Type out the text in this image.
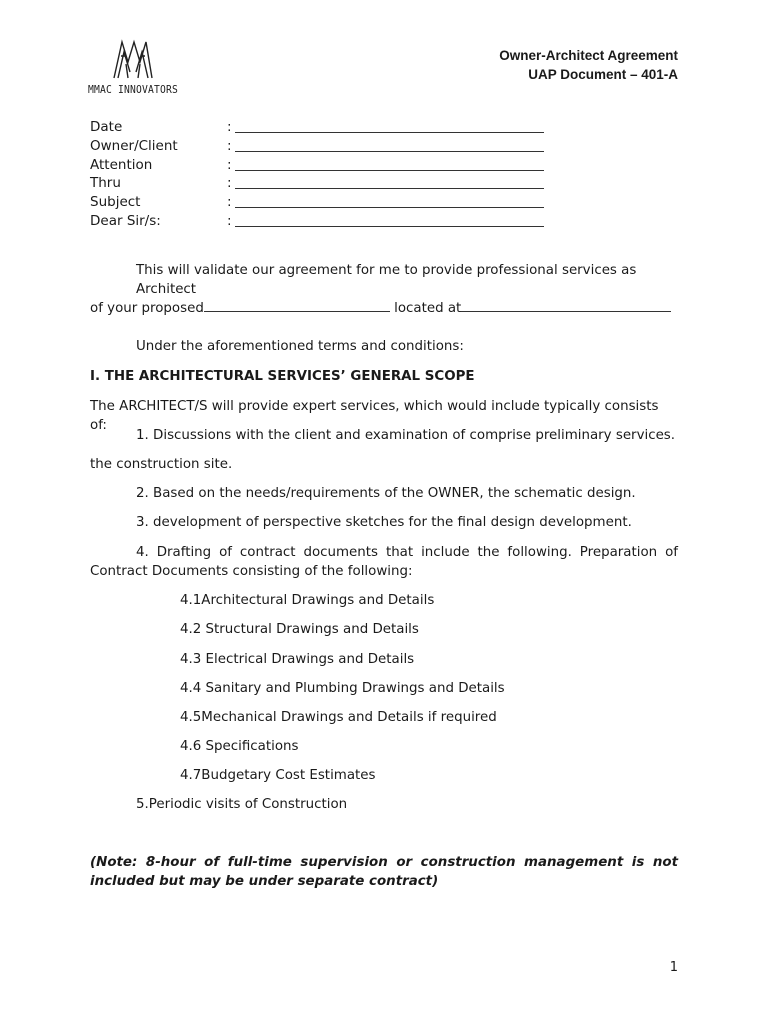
MMAC INNOVATORS
Owner-Architect Agreement
UAP Document – 401-A
Date	:
Owner/Client	:
Attention	:
Thru	:
Subject	:
Dear Sir/s:	:
This will validate our agreement for me to provide professional services as Architect
of your proposed	located at
Under the aforementioned terms and conditions:
I. THE ARCHITECTURAL SERVICES’ GENERAL SCOPE
The ARCHITECT/S will provide expert services, which would include typically consists of:
1. Discussions with the client and examination of comprise preliminary services.
the construction site.
2. Based on the needs/requirements of the OWNER, the schematic design.
3. development of perspective sketches for the final design development.
4. Drafting of contract documents that include the following. Preparation of Contract Documents consisting of the following:
4.1Architectural Drawings and Details
4.2 Structural Drawings and Details
4.3 Electrical Drawings and Details
4.4 Sanitary and Plumbing Drawings and Details
4.5Mechanical Drawings and Details if required
4.6 Specifications
4.7Budgetary Cost Estimates
5.Periodic visits of Construction
(Note: 8-hour of full-time supervision or construction management is not included but may be under separate contract)
1
